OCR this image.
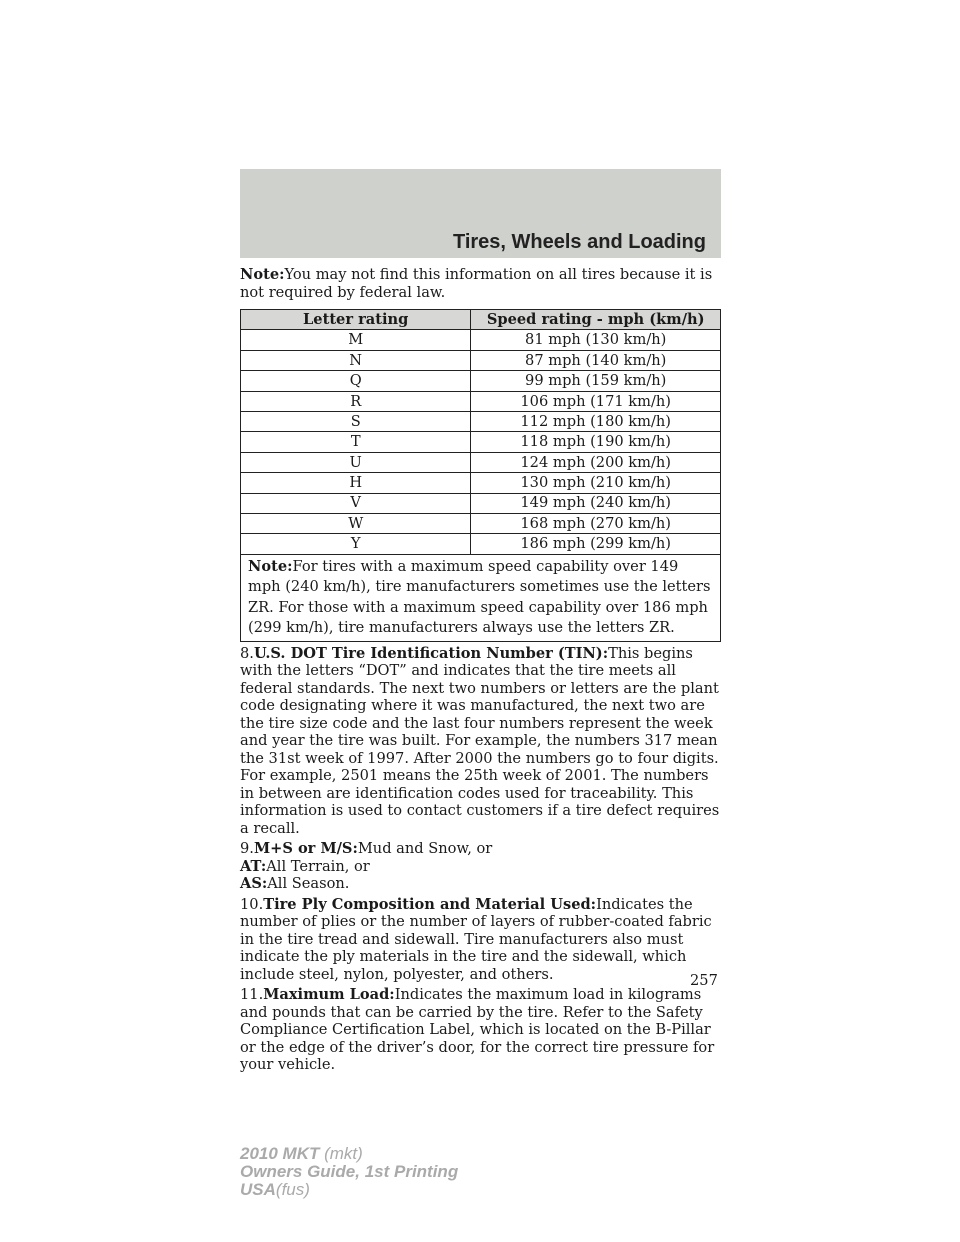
Tires, Wheels and Loading

Note:You may not find this information on all tires because it is not required by federal law.

Letter rating	Speed rating - mph (km/h)
M	81 mph (130 km/h)
N	87 mph (140 km/h)
Q	99 mph (159 km/h)
R	106 mph (171 km/h)
S	112 mph (180 km/h)
T	118 mph (190 km/h)
U	124 mph (200 km/h)
H	130 mph (210 km/h)
V	149 mph (240 km/h)
W	168 mph (270 km/h)
Y	186 mph (299 km/h)
Note:For tires with a maximum speed capability over 149 mph (240 km/h), tire manufacturers sometimes use the letters ZR. For those with a maximum speed capability over 186 mph (299 km/h), tire manufacturers always use the letters ZR.	

8.U.S. DOT Tire Identification Number (TIN):This begins with the letters “DOT” and indicates that the tire meets all federal standards. The next two numbers or letters are the plant code designating where it was manufactured, the next two are the tire size code and the last four numbers represent the week and year the tire was built. For example, the numbers 317 mean the 31st week of 1997. After 2000 the numbers go to four digits. For example, 2501 means the 25th week of 2001. The numbers in between are identification codes used for traceability. This information is used to contact customers if a tire defect requires a recall.

9.M+S or M/S:Mud and Snow, or
AT:All Terrain, or
AS:All Season.

10.Tire Ply Composition and Material Used:Indicates the number of plies or the number of layers of rubber-coated fabric in the tire tread and sidewall. Tire manufacturers also must indicate the ply materials in the tire and the sidewall, which include steel, nylon, polyester, and others.

11.Maximum Load:Indicates the maximum load in kilograms and pounds that can be carried by the tire. Refer to the Safety Compliance Certification Label, which is located on the B-Pillar or the edge of the driver’s door, for the correct tire pressure for your vehicle.

257
2010 MKT (mkt)
Owners Guide, 1st Printing
USA(fus)
